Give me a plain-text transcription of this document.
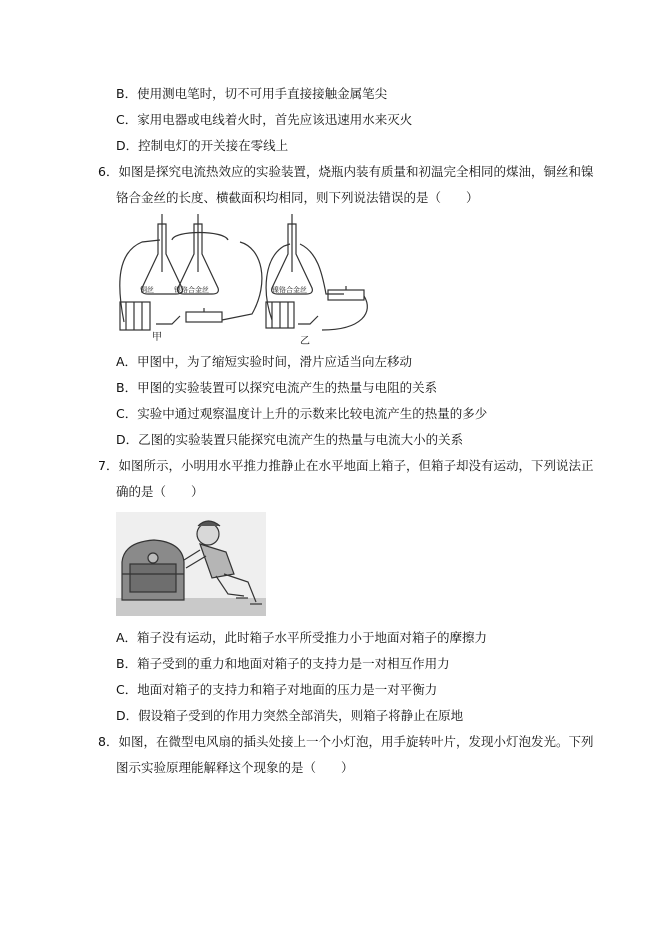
B．使用测电笔时，切不可用手直接接触金属笔尖
C．家用电器或电线着火时，首先应该迅速用水来灭火
D．控制电灯的开关接在零线上
6．如图是探究电流热效应的实验装置，烧瓶内装有质量和初温完全相同的煤油，铜丝和镍
铬合金丝的长度、横截面积均相同，则下列说法错误的是（　　）
铜丝	镍铬合金丝
甲
镍铬合金丝
乙
A．甲图中，为了缩短实验时间，滑片应适当向左移动
B．甲图的实验装置可以探究电流产生的热量与电阻的关系
C．实验中通过观察温度计上升的示数来比较电流产生的热量的多少
D．乙图的实验装置只能探究电流产生的热量与电流大小的关系
7．如图所示，小明用水平推力推静止在水平地面上箱子，但箱子却没有运动，下列说法正
确的是（　　）
A．箱子没有运动，此时箱子水平所受推力小于地面对箱子的摩擦力
B．箱子受到的重力和地面对箱子的支持力是一对相互作用力
C．地面对箱子的支持力和箱子对地面的压力是一对平衡力
D．假设箱子受到的作用力突然全部消失，则箱子将静止在原地
8．如图，在微型电风扇的插头处接上一个小灯泡，用手旋转叶片，发现小灯泡发光。下列
图示实验原理能解释这个现象的是（　　）
